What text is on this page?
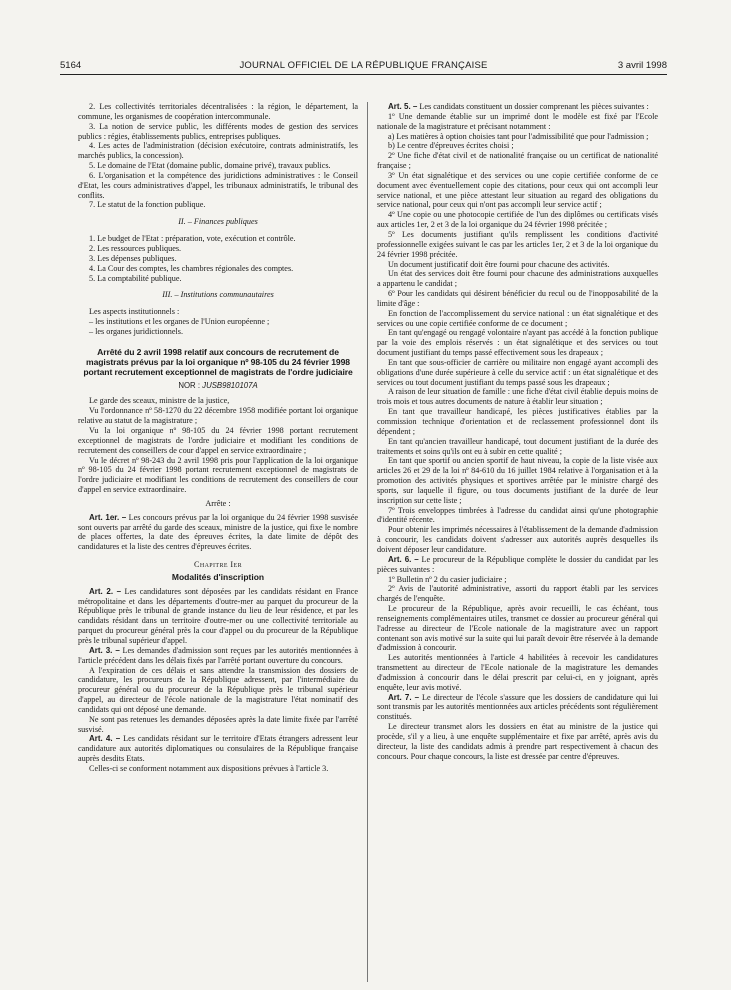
5164	JOURNAL OFFICIEL DE LA RÉPUBLIQUE FRANÇAISE	3 avril 1998

2. Les collectivités territoriales décentralisées : la région, le département, la commune, les organismes de coopération intercommunale.

3. La notion de service public, les différents modes de gestion des services publics : régies, établissements publics, entreprises publiques.

4. Les actes de l'administration (décision exécutoire, contrats administratifs, les marchés publics, la concession).

5. Le domaine de l'Etat (domaine public, domaine privé), travaux publics.

6. L'organisation et la compétence des juridictions administratives : le Conseil d'Etat, les cours administratives d'appel, les tribunaux administratifs, le tribunal des conflits.

7. Le statut de la fonction publique.

II. – Finances publiques

1. Le budget de l'Etat : préparation, vote, exécution et contrôle.

2. Les ressources publiques.

3. Les dépenses publiques.

4. La Cour des comptes, les chambres régionales des comptes.

5. La comptabilité publique.

III. – Institutions communautaires

Les aspects institutionnels :

– les institutions et les organes de l'Union européenne ;

– les organes juridictionnels.

Arrêté du 2 avril 1998 relatif aux concours de recrutement de magistrats prévus par la loi organique nº 98-105 du 24 février 1998 portant recrutement exceptionnel de magistrats de l'ordre judiciaire
NOR : JUSB9810107A

Le garde des sceaux, ministre de la justice,

Vu l'ordonnance nº 58-1270 du 22 décembre 1958 modifiée portant loi organique relative au statut de la magistrature ;

Vu la loi organique nº 98-105 du 24 février 1998 portant recrutement exceptionnel de magistrats de l'ordre judiciaire et modifiant les conditions de recrutement des conseillers de cour d'appel en service extraordinaire ;

Vu le décret nº 98-243 du 2 avril 1998 pris pour l'application de la loi organique nº 98-105 du 24 février 1998 portant recrutement exceptionnel de magistrats de l'ordre judiciaire et modifiant les conditions de recrutement des conseillers de cour d'appel en service extraordinaire.

Arrête :

Art. 1er. – Les concours prévus par la loi organique du 24 février 1998 susvisée sont ouverts par arrêté du garde des sceaux, ministre de la justice, qui fixe le nombre de places offertes, la date des épreuves écrites, la date limite de dépôt des candidatures et la liste des centres d'épreuves écrites.

Chapitre Ier

Modalités d'inscription

Art. 2. – Les candidatures sont déposées par les candidats résidant en France métropolitaine et dans les départements d'outre-mer au parquet du procureur de la République près le tribunal de grande instance du lieu de leur résidence, et par les candidats résidant dans un territoire d'outre-mer ou une collectivité territoriale au parquet du procureur général près la cour d'appel ou du procureur de la République près le tribunal supérieur d'appel.

Art. 3. – Les demandes d'admission sont reçues par les autorités mentionnées à l'article précédent dans les délais fixés par l'arrêté portant ouverture du concours.

A l'expiration de ces délais et sans attendre la transmission des dossiers de candidature, les procureurs de la République adressent, par l'intermédiaire du procureur général ou du procureur de la République près le tribunal supérieur d'appel, au directeur de l'école nationale de la magistrature l'état nominatif des candidats qui ont déposé une demande.

Ne sont pas retenues les demandes déposées après la date limite fixée par l'arrêté susvisé.

Art. 4. – Les candidats résidant sur le territoire d'Etats étrangers adressent leur candidature aux autorités diplomatiques ou consulaires de la République française auprès desdits Etats.

Celles-ci se conforment notamment aux dispositions prévues à l'article 3.

Art. 5. – Les candidats constituent un dossier comprenant les pièces suivantes :

1º Une demande établie sur un imprimé dont le modèle est fixé par l'Ecole nationale de la magistrature et précisant notamment :

a) Les matières à option choisies tant pour l'admissibilité que pour l'admission ;

b) Le centre d'épreuves écrites choisi ;

2º Une fiche d'état civil et de nationalité française ou un certificat de nationalité française ;

3º Un état signalétique et des services ou une copie certifiée conforme de ce document avec éventuellement copie des citations, pour ceux qui ont accompli leur service national, et une pièce attestant leur situation au regard des obligations du service national, pour ceux qui n'ont pas accompli leur service actif ;

4º Une copie ou une photocopie certifiée de l'un des diplômes ou certificats visés aux articles 1er, 2 et 3 de la loi organique du 24 février 1998 précitée ;

5º Les documents justifiant qu'ils remplissent les conditions d'activité professionnelle exigées suivant le cas par les articles 1er, 2 et 3 de la loi organique du 24 février 1998 précitée.

Un document justificatif doit être fourni pour chacune des activités.

Un état des services doit être fourni pour chacune des administrations auxquelles a appartenu le candidat ;

6º Pour les candidats qui désirent bénéficier du recul ou de l'inopposabilité de la limite d'âge :

En fonction de l'accomplissement du service national : un état signalétique et des services ou une copie certifiée conforme de ce document ;

En tant qu'engagé ou rengagé volontaire n'ayant pas accédé à la fonction publique par la voie des emplois réservés : un état signalétique et des services ou tout document justifiant du temps passé effectivement sous les drapeaux ;

En tant que sous-officier de carrière ou militaire non engagé ayant accompli des obligations d'une durée supérieure à celle du service actif : un état signalétique et des services ou tout document justifiant du temps passé sous les drapeaux ;

A raison de leur situation de famille : une fiche d'état civil établie depuis moins de trois mois et tous autres documents de nature à établir leur situation ;

En tant que travailleur handicapé, les pièces justificatives établies par la commission technique d'orientation et de reclassement professionnel dont ils dépendent ;

En tant qu'ancien travailleur handicapé, tout document justifiant de la durée des traitements et soins qu'ils ont eu à subir en cette qualité ;

En tant que sportif ou ancien sportif de haut niveau, la copie de la liste visée aux articles 26 et 29 de la loi nº 84-610 du 16 juillet 1984 relative à l'organisation et à la promotion des activités physiques et sportives arrêtée par le ministre chargé des sports, sur laquelle il figure, ou tous documents justifiant de la durée de leur inscription sur cette liste ;

7º Trois enveloppes timbrées à l'adresse du candidat ainsi qu'une photographie d'identité récente.

Pour obtenir les imprimés nécessaires à l'établissement de la demande d'admission à concourir, les candidats doivent s'adresser aux autorités auprès desquelles ils doivent déposer leur candidature.

Art. 6. – Le procureur de la République complète le dossier du candidat par les pièces suivantes :

1º Bulletin nº 2 du casier judiciaire ;

2º Avis de l'autorité administrative, assorti du rapport établi par les services chargés de l'enquête.

Le procureur de la République, après avoir recueilli, le cas échéant, tous renseignements complémentaires utiles, transmet ce dossier au procureur général qui l'adresse au directeur de l'Ecole nationale de la magistrature avec un rapport contenant son avis motivé sur la suite qui lui paraît devoir être réservée à la demande d'admission à concourir.

Les autorités mentionnées à l'article 4 habilitées à recevoir les candidatures transmettent au directeur de l'Ecole nationale de la magistrature les demandes d'admission à concourir dans le délai prescrit par celui-ci, en y joignant, après enquête, leur avis motivé.

Art. 7. – Le directeur de l'école s'assure que les dossiers de candidature qui lui sont transmis par les autorités mentionnées aux articles précédents sont régulièrement constitués.

Le directeur transmet alors les dossiers en état au ministre de la justice qui procède, s'il y a lieu, à une enquête supplémentaire et fixe par arrêté, après avis du directeur, la liste des candidats admis à prendre part respectivement à chacun des concours. Pour chaque concours, la liste est dressée par centre d'épreuves.
